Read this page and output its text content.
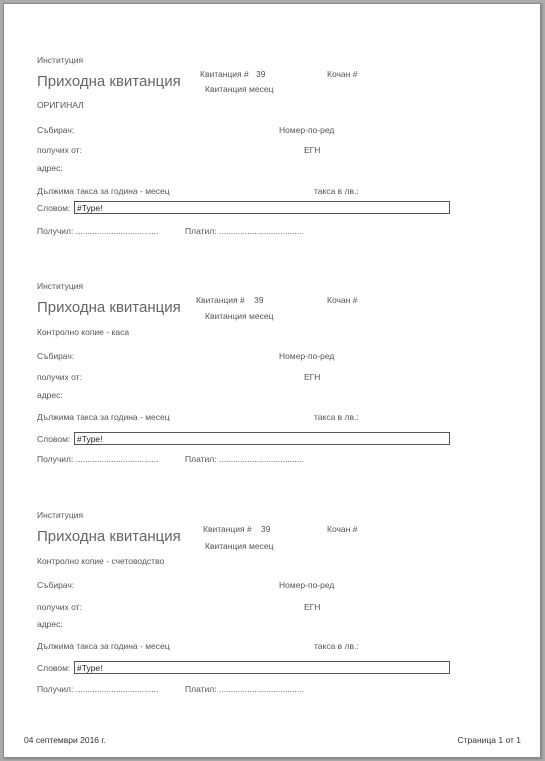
Институция
Приходна квитанция Квитанция # 39	Кочан #
Квитанция месец
ОРИГИНАЛ
Събирач:	Номер-по-ред
получих от:	ЕГН
адрес:
Дължима такса за година - месец	такса в лв.:
Словом: #Type!
Получил: ...................................	Платил: ....................................
Институция
Приходна квитанция Квитанция # 39	Кочан #
Квитанция месец
Контролно копие - каса
Събирач:	Номер-по-ред
получих от:	ЕГН
адрес:
Дължима такса за година - месец	такса в лв.:
Словом: #Type!
Получил: ...................................	Платил: ....................................
Институция
Приходна квитанция	Квитанция # 39	Кочан #
Квитанция месец
Контролно копие - счетоводство
Събирач:	Номер-по-ред
получих от:	ЕГН
адрес:
Дължима такса за година - месец	такса в лв.:
Словом: #Type!
Получил: ...................................	Платил: ....................................
04 септември 2016 г.	Страница 1 от 1
